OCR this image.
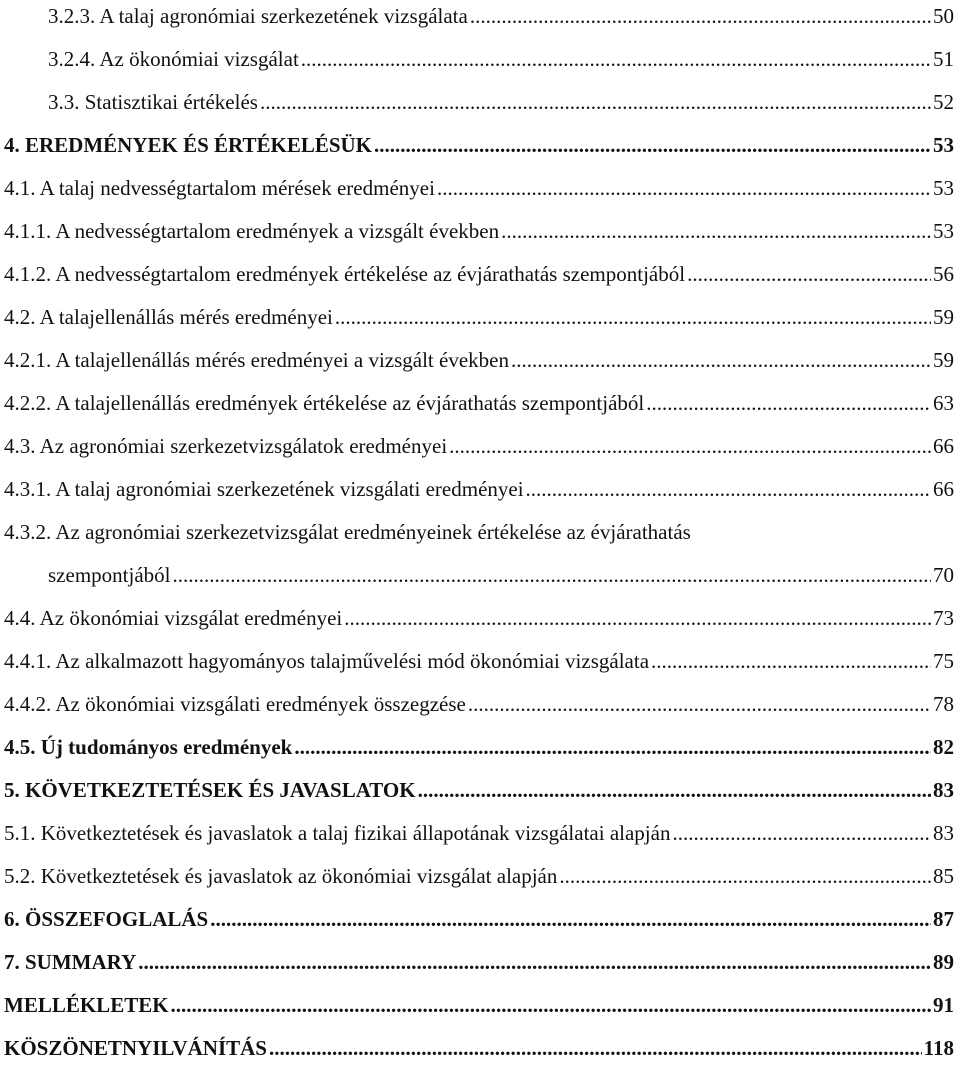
3.2.3. A talaj agronómiai szerkezetének vizsgálata .....	50
3.2.4. Az ökonómiai vizsgálat .....	51
3.3. Statisztikai értékelés .....	52
4. EREDMÉNYEK ÉS ÉRTÉKELÉSÜK .....	53
4.1. A talaj nedvességtartalom mérések eredményei .....	53
4.1.1. A nedvességtartalom eredmények a vizsgált években .....	53
4.1.2. A nedvességtartalom eredmények értékelése az évjárathatás szempontjából .....	56
4.2. A talajellenállás mérés eredményei .....	59
4.2.1. A talajellenállás mérés eredményei a vizsgált években .....	59
4.2.2. A talajellenállás eredmények értékelése az évjárathatás szempontjából .....	63
4.3. Az agronómiai szerkezetvizsgálatok eredményei .....	66
4.3.1. A talaj agronómiai szerkezetének vizsgálati eredményei .....	66
4.3.2. Az agronómiai szerkezetvizsgálat eredményeinek értékelése az évjárathatás
szempontjából .....	70
4.4. Az ökonómiai vizsgálat eredményei .....	73
4.4.1. Az alkalmazott hagyományos talajművelési mód ökonómiai vizsgálata .....	75
4.4.2. Az ökonómiai vizsgálati eredmények összegzése .....	78
4.5. Új tudományos eredmények .....	82
5. KÖVETKEZTETÉSEK ÉS JAVASLATOK .....	83
5.1. Következtetések és javaslatok a talaj fizikai állapotának vizsgálatai alapján .....	83
5.2. Következtetések és javaslatok az ökonómiai vizsgálat alapján .....	85
6. ÖSSZEFOGLALÁS .....	87
7. SUMMARY .....	89
MELLÉKLETEK .....	91
KÖSZÖNETNYILVÁNÍTÁS .....	118
